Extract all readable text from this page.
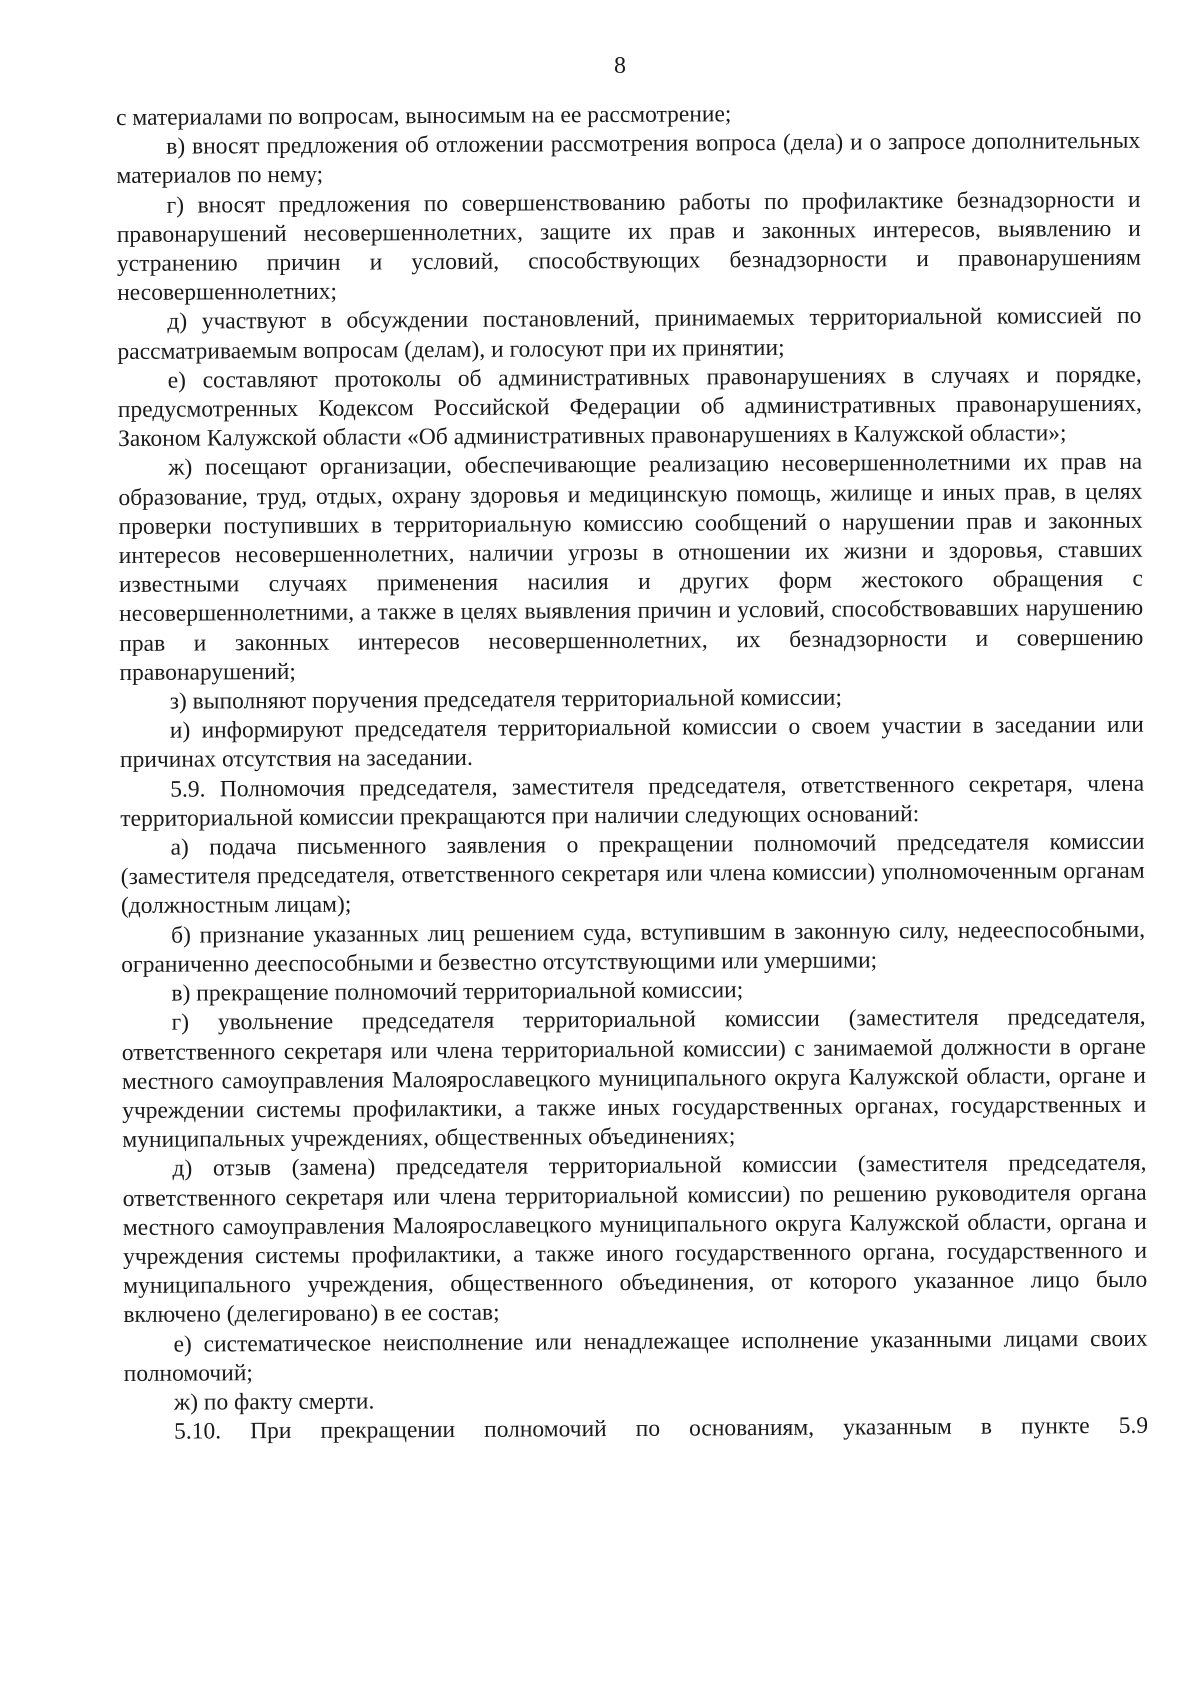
8

с материалами по вопросам, выносимым на ее рассмотрение;

в) вносят предложения об отложении рассмотрения вопроса (дела) и о запросе дополнительных материалов по нему;

г) вносят предложения по совершенствованию работы по профилактике безнадзорности и правонарушений несовершеннолетних, защите их прав и законных интересов, выявлению и устранению причин и условий, способствующих безнадзорности и правонарушениям несовершеннолетних;

д) участвуют в обсуждении постановлений, принимаемых территориальной комиссией по рассматриваемым вопросам (делам), и голосуют при их принятии;

е) составляют протоколы об административных правонарушениях в случаях и порядке, предусмотренных Кодексом Российской Федерации об административных правонарушениях, Законом Калужской области «Об административных правонарушениях в Калужской области»;

ж) посещают организации, обеспечивающие реализацию несовершеннолетними их прав на образование, труд, отдых, охрану здоровья и медицинскую помощь, жилище и иных прав, в целях проверки поступивших в территориальную комиссию сообщений о нарушении прав и законных интересов несовершеннолетних, наличии угрозы в отношении их жизни и здоровья, ставших известными случаях применения насилия и других форм жестокого обращения с несовершеннолетними, а также в целях выявления причин и условий, способствовавших нарушению прав и законных интересов несовершеннолетних, их безнадзорности и совершению правонарушений;

з) выполняют поручения председателя территориальной комиссии;

и) информируют председателя территориальной комиссии о своем участии в заседании или причинах отсутствия на заседании.

5.9. Полномочия председателя, заместителя председателя, ответственного секретаря, члена территориальной комиссии прекращаются при наличии следующих оснований:

а) подача письменного заявления о прекращении полномочий председателя комиссии (заместителя председателя, ответственного секретаря или члена комиссии) уполномоченным органам (должностным лицам);

б) признание указанных лиц решением суда, вступившим в законную силу, недееспособными, ограниченно дееспособными и безвестно отсутствующими или умершими;

в) прекращение полномочий территориальной комиссии;

г) увольнение председателя территориальной комиссии (заместителя председателя, ответственного секретаря или члена территориальной комиссии) с занимаемой должности в органе местного самоуправления Малоярославецкого муниципального округа Калужской области, органе и учреждении системы профилактики, а также иных государственных органах, государственных и муниципальных учреждениях, общественных объединениях;

д) отзыв (замена) председателя территориальной комиссии (заместителя председателя, ответственного секретаря или члена территориальной комиссии) по решению руководителя органа местного самоуправления Малоярославецкого муниципального округа Калужской области, органа и учреждения системы профилактики, а также иного государственного органа, государственного и муниципального учреждения, общественного объединения, от которого указанное лицо было включено (делегировано) в ее состав;

е) систематическое неисполнение или ненадлежащее исполнение указанными лицами своих полномочий;

ж) по факту смерти.

5.10. При прекращении полномочий по основаниям, указанным в пункте 5.9
